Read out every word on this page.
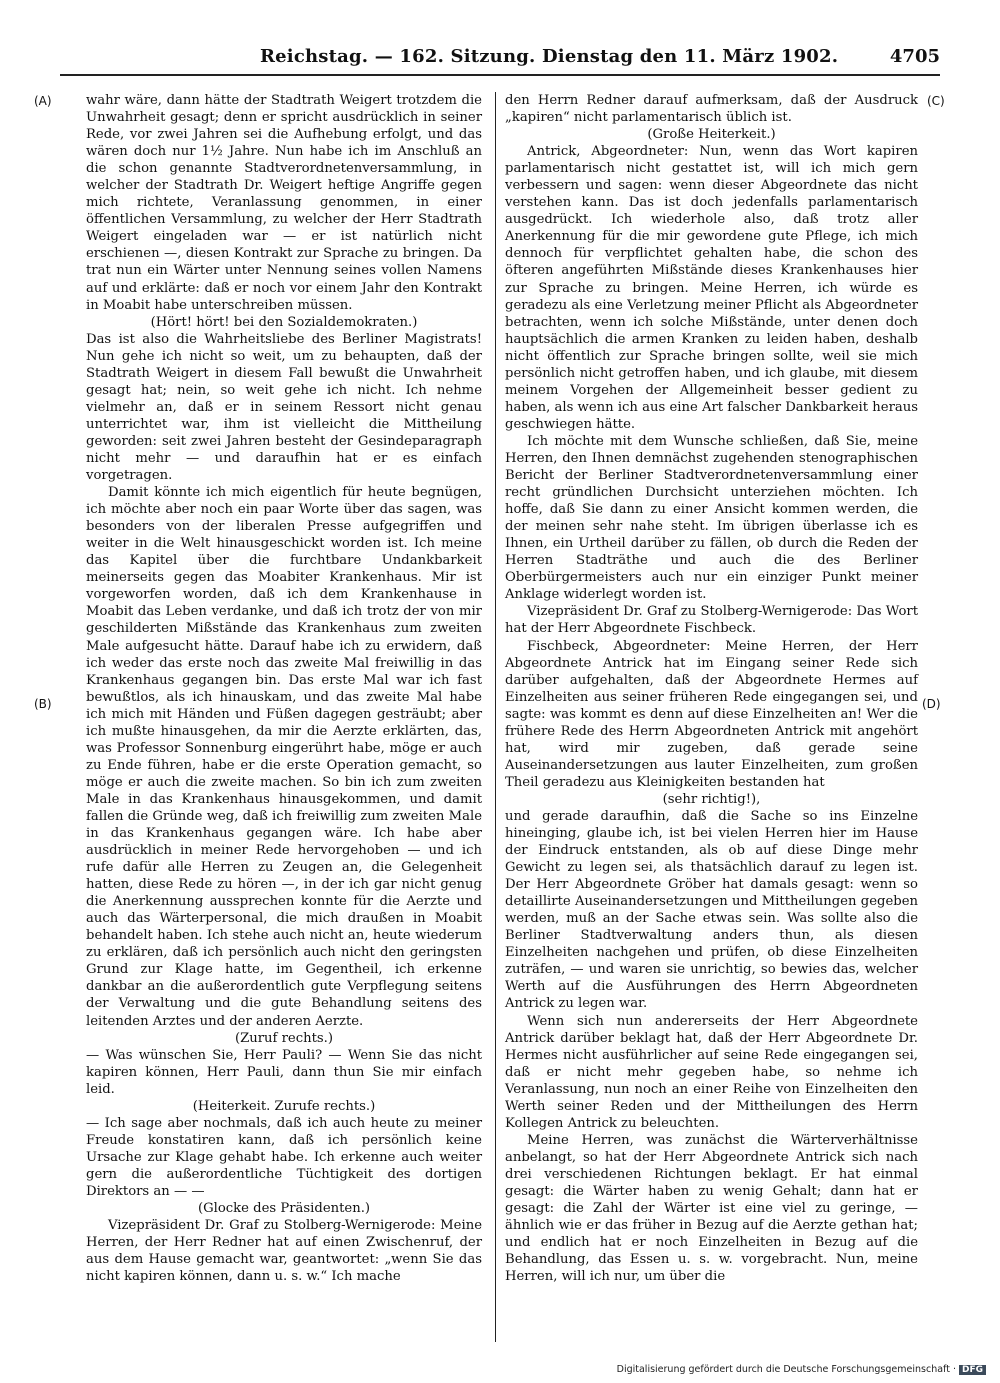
Reichstag. — 162. Sitzung. Dienstag den 11. März 1902.	4705
(A)
(B)
(C)
(D)

wahr wäre, dann hätte der Stadtrath Weigert trotzdem die Unwahrheit gesagt; denn er spricht ausdrücklich in seiner Rede, vor zwei Jahren sei die Aufhebung erfolgt, und das wären doch nur 1½ Jahre. Nun habe ich im Anschluß an die schon genannte Stadtverordnetenversammlung, in welcher der Stadtrath Dr. Weigert heftige Angriffe gegen mich richtete, Veranlassung genommen, in einer öffentlichen Versammlung, zu welcher der Herr Stadtrath Weigert eingeladen war — er ist natürlich nicht erschienen —, diesen Kontrakt zur Sprache zu bringen. Da trat nun ein Wärter unter Nennung seines vollen Namens auf und erklärte: daß er noch vor einem Jahr den Kontrakt in Moabit habe unterschreiben müssen.

(Hört! hört! bei den Sozialdemokraten.)

Das ist also die Wahrheitsliebe des Berliner Magistrats! Nun gehe ich nicht so weit, um zu behaupten, daß der Stadtrath Weigert in diesem Fall bewußt die Unwahrheit gesagt hat; nein, so weit gehe ich nicht. Ich nehme vielmehr an, daß er in seinem Ressort nicht genau unterrichtet war, ihm ist vielleicht die Mittheilung geworden: seit zwei Jahren besteht der Gesindeparagraph nicht mehr — und daraufhin hat er es einfach vorgetragen.

Damit könnte ich mich eigentlich für heute begnügen, ich möchte aber noch ein paar Worte über das sagen, was besonders von der liberalen Presse aufgegriffen und weiter in die Welt hinausgeschickt worden ist. Ich meine das Kapitel über die furchtbare Undankbarkeit meinerseits gegen das Moabiter Krankenhaus. Mir ist vorgeworfen worden, daß ich dem Krankenhause in Moabit das Leben verdanke, und daß ich trotz der von mir geschilderten Mißstände das Krankenhaus zum zweiten Male aufgesucht hätte. Darauf habe ich zu erwidern, daß ich weder das erste noch das zweite Mal freiwillig in das Krankenhaus gegangen bin. Das erste Mal war ich fast bewußtlos, als ich hinauskam, und das zweite Mal habe ich mich mit Händen und Füßen dagegen gesträubt; aber ich mußte hinausgehen, da mir die Aerzte erklärten, das, was Professor Sonnenburg eingerührt habe, möge er auch zu Ende führen, habe er die erste Operation gemacht, so möge er auch die zweite machen. So bin ich zum zweiten Male in das Krankenhaus hinausgekommen, und damit fallen die Gründe weg, daß ich freiwillig zum zweiten Male in das Krankenhaus gegangen wäre. Ich habe aber ausdrücklich in meiner Rede hervorgehoben — und ich rufe dafür alle Herren zu Zeugen an, die Gelegenheit hatten, diese Rede zu hören —, in der ich gar nicht genug die Anerkennung aussprechen konnte für die Aerzte und auch das Wärterpersonal, die mich draußen in Moabit behandelt haben. Ich stehe auch nicht an, heute wiederum zu erklären, daß ich persönlich auch nicht den geringsten Grund zur Klage hatte, im Gegentheil, ich erkenne dankbar an die außerordentlich gute Verpflegung seitens der Verwaltung und die gute Behandlung seitens des leitenden Arztes und der anderen Aerzte.

(Zuruf rechts.)

— Was wünschen Sie, Herr Pauli? — Wenn Sie das nicht kapiren können, Herr Pauli, dann thun Sie mir einfach leid.

(Heiterkeit. Zurufe rechts.)

— Ich sage aber nochmals, daß ich auch heute zu meiner Freude konstatiren kann, daß ich persönlich keine Ursache zur Klage gehabt habe. Ich erkenne auch weiter gern die außerordentliche Tüchtigkeit des dortigen Direktors an — —

(Glocke des Präsidenten.)

Vizepräsident Dr. Graf zu Stolberg-Wernigerode: Meine Herren, der Herr Redner hat auf einen Zwischenruf, der aus dem Hause gemacht war, geantwortet: „wenn Sie das nicht kapiren können, dann u. s. w.“ Ich mache

den Herrn Redner darauf aufmerksam, daß der Ausdruck „kapiren“ nicht parlamentarisch üblich ist.

(Große Heiterkeit.)

Antrick, Abgeordneter: Nun, wenn das Wort kapiren parlamentarisch nicht gestattet ist, will ich mich gern verbessern und sagen: wenn dieser Abgeordnete das nicht verstehen kann. Das ist doch jedenfalls parlamentarisch ausgedrückt. Ich wiederhole also, daß trotz aller Anerkennung für die mir gewordene gute Pflege, ich mich dennoch für verpflichtet gehalten habe, die schon des öfteren angeführten Mißstände dieses Krankenhauses hier zur Sprache zu bringen. Meine Herren, ich würde es geradezu als eine Verletzung meiner Pflicht als Abgeordneter betrachten, wenn ich solche Mißstände, unter denen doch hauptsächlich die armen Kranken zu leiden haben, deshalb nicht öffentlich zur Sprache bringen sollte, weil sie mich persönlich nicht getroffen haben, und ich glaube, mit diesem meinem Vorgehen der Allgemeinheit besser gedient zu haben, als wenn ich aus eine Art falscher Dankbarkeit heraus geschwiegen hätte.

Ich möchte mit dem Wunsche schließen, daß Sie, meine Herren, den Ihnen demnächst zugehenden stenographischen Bericht der Berliner Stadtverordnetenversammlung einer recht gründlichen Durchsicht unterziehen möchten. Ich hoffe, daß Sie dann zu einer Ansicht kommen werden, die der meinen sehr nahe steht. Im übrigen überlasse ich es Ihnen, ein Urtheil darüber zu fällen, ob durch die Reden der Herren Stadträthe und auch die des Berliner Oberbürgermeisters auch nur ein einziger Punkt meiner Anklage widerlegt worden ist.

Vizepräsident Dr. Graf zu Stolberg-Wernigerode: Das Wort hat der Herr Abgeordnete Fischbeck.

Fischbeck, Abgeordneter: Meine Herren, der Herr Abgeordnete Antrick hat im Eingang seiner Rede sich darüber aufgehalten, daß der Abgeordnete Hermes auf Einzelheiten aus seiner früheren Rede eingegangen sei, und sagte: was kommt es denn auf diese Einzelheiten an! Wer die frühere Rede des Herrn Abgeordneten Antrick mit angehört hat, wird mir zugeben, daß gerade seine Auseinandersetzungen aus lauter Einzelheiten, zum großen Theil geradezu aus Kleinigkeiten bestanden hat

(sehr richtig!),

und gerade daraufhin, daß die Sache so ins Einzelne hineinging, glaube ich, ist bei vielen Herren hier im Hause der Eindruck entstanden, als ob auf diese Dinge mehr Gewicht zu legen sei, als thatsächlich darauf zu legen ist. Der Herr Abgeordnete Gröber hat damals gesagt: wenn so detaillirte Auseinandersetzungen und Mittheilungen gegeben werden, muß an der Sache etwas sein. Was sollte also die Berliner Stadtverwaltung anders thun, als diesen Einzelheiten nachgehen und prüfen, ob diese Einzelheiten zuträfen, — und waren sie unrichtig, so bewies das, welcher Werth auf die Ausführungen des Herrn Abgeordneten Antrick zu legen war.

Wenn sich nun andererseits der Herr Abgeordnete Antrick darüber beklagt hat, daß der Herr Abgeordnete Dr. Hermes nicht ausführlicher auf seine Rede eingegangen sei, daß er nicht mehr gegeben habe, so nehme ich Veranlassung, nun noch an einer Reihe von Einzelheiten den Werth seiner Reden und der Mittheilungen des Herrn Kollegen Antrick zu beleuchten.

Meine Herren, was zunächst die Wärterverhältnisse anbelangt, so hat der Herr Abgeordnete Antrick sich nach drei verschiedenen Richtungen beklagt. Er hat einmal gesagt: die Wärter haben zu wenig Gehalt; dann hat er gesagt: die Zahl der Wärter ist eine viel zu geringe, — ähnlich wie er das früher in Bezug auf die Aerzte gethan hat; und endlich hat er noch Einzelheiten in Bezug auf die Behandlung, das Essen u. s. w. vorgebracht. Nun, meine Herren, will ich nur, um über die

Digitalisierung gefördert durch die Deutsche Forschungsgemeinschaft · DFG
